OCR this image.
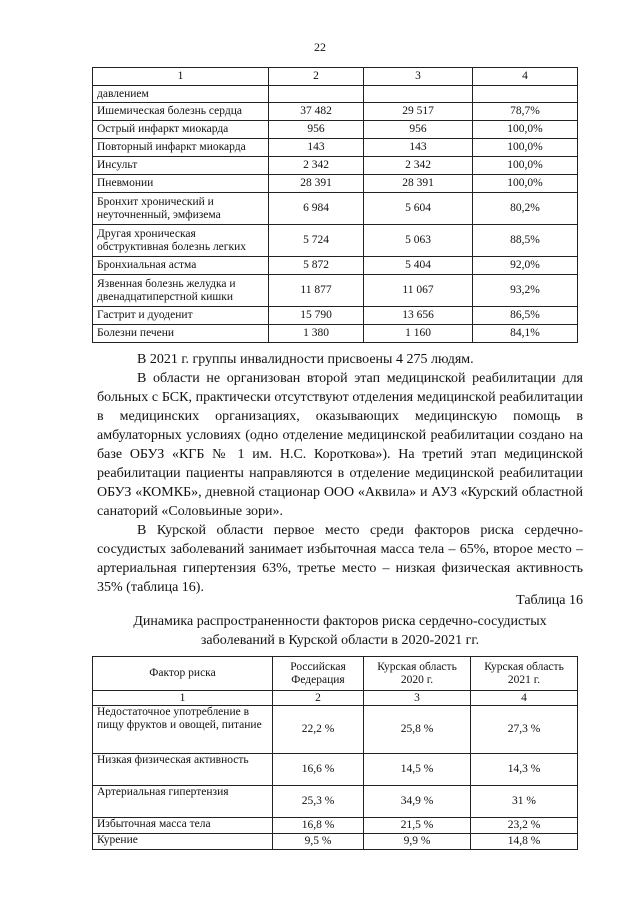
22
1	2	3	4
давлением			
Ишемическая болезнь сердца	37 482	29 517	78,7%
Острый инфаркт миокарда	956	956	100,0%
Повторный инфаркт миокарда	143	143	100,0%
Инсульт	2 342	2 342	100,0%
Пневмонии	28 391	28 391	100,0%
Бронхит хронический и неуточненный, эмфизема	6 984	5 604	80,2%
Другая хроническая обструктивная болезнь легких	5 724	5 063	88,5%
Бронхиальная астма	5 872	5 404	92,0%
Язвенная болезнь желудка и двенадцатиперстной кишки	11 877	11 067	93,2%
Гастрит и дуоденит	15 790	13 656	86,5%
Болезни печени	1 380	1 160	84,1%

В 2021 г. группы инвалидности присвоены 4 275 людям.

В области не организован второй этап медицинской реабилитации для больных с БСК, практически отсутствуют отделения медицинской реабилитации в медицинских организациях, оказывающих медицинскую помощь в амбулаторных условиях (одно отделение медицинской реабилитации создано на базе ОБУЗ «КГБ № 1 им. Н.С. Короткова»). На третий этап медицинской реабилитации пациенты направляются в отделение медицинской реабилитации ОБУЗ «КОМКБ», дневной стационар ООО «Аквила» и АУЗ «Курский областной санаторий «Соловьиные зори».

В Курской области первое место среди факторов риска сердечно-сосудистых заболеваний занимает избыточная масса тела – 65%, второе место – артериальная гипертензия 63%, третье место – низкая физическая активность 35% (таблица 16).

Таблица 16
Динамика распространенности факторов риска сердечно-сосудистых заболеваний в Курской области в 2020-2021 гг.
Фактор риска	Российская Федерация	Курская область 2020 г.	Курская область 2021 г.
1	2	3	4
Недостаточное употребление в пищу фруктов и овощей, питание	22,2 %	25,8 %	27,3 %
Низкая физическая активность	16,6 %	14,5 %	14,3 %
Артериальная гипертензия	25,3 %	34,9 %	31 %
Избыточная масса тела	16,8 %	21,5 %	23,2 %
Курение	9,5 %	9,9 %	14,8 %
